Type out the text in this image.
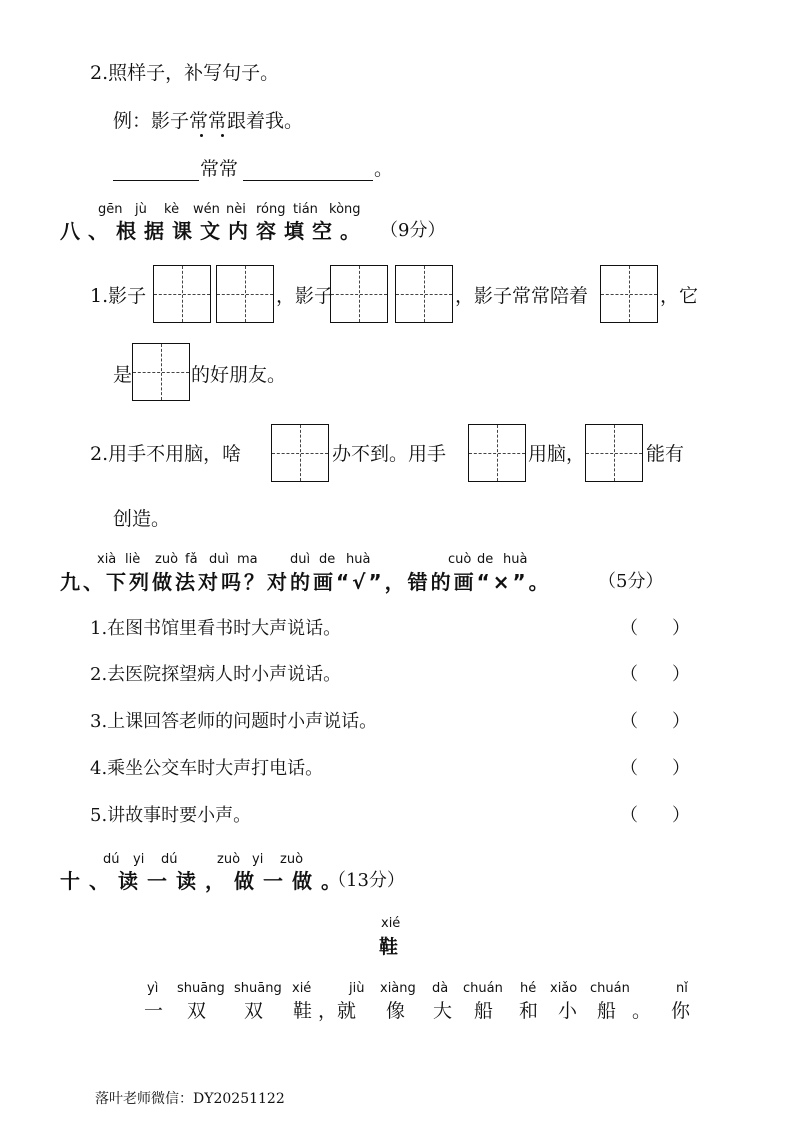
2.照样子，补写句子。
例：影子常常跟着我。
常常	。
gēn jù kè wén nèi róng tián kòng
八、根据课文内容填空。 （9分）
1.影子	，影子	，影子常常陪着	，它
是	的好朋友。
2.用手不用脑，啥	办不到。用手	用脑，	能有
创造。
xià liè zuò fǎ duì ma duì de huà	cuò de huà
九、下列做法对吗？对的画“√”，错的画“×”。	（5分）
1.在图书馆里看书时大声说话。	（ ）
2.去医院探望病人时小声说话。	（ ）
3.上课回答老师的问题时小声说话。	（ ）
4.乘坐公交车时大声打电话。	（ ）
5.讲故事时要小声。	（ ）
dú yi dú	zuò yi zuò
十、读一读，做一做。
（13分）
xié
鞋
yì shuāng shuāng xié	jiù xiàng dà chuán hé xiǎo chuán	nǐ
一 双 双 鞋 ，就 像 大 船 和 小 船 。 你
落叶老师微信：DY20251122
